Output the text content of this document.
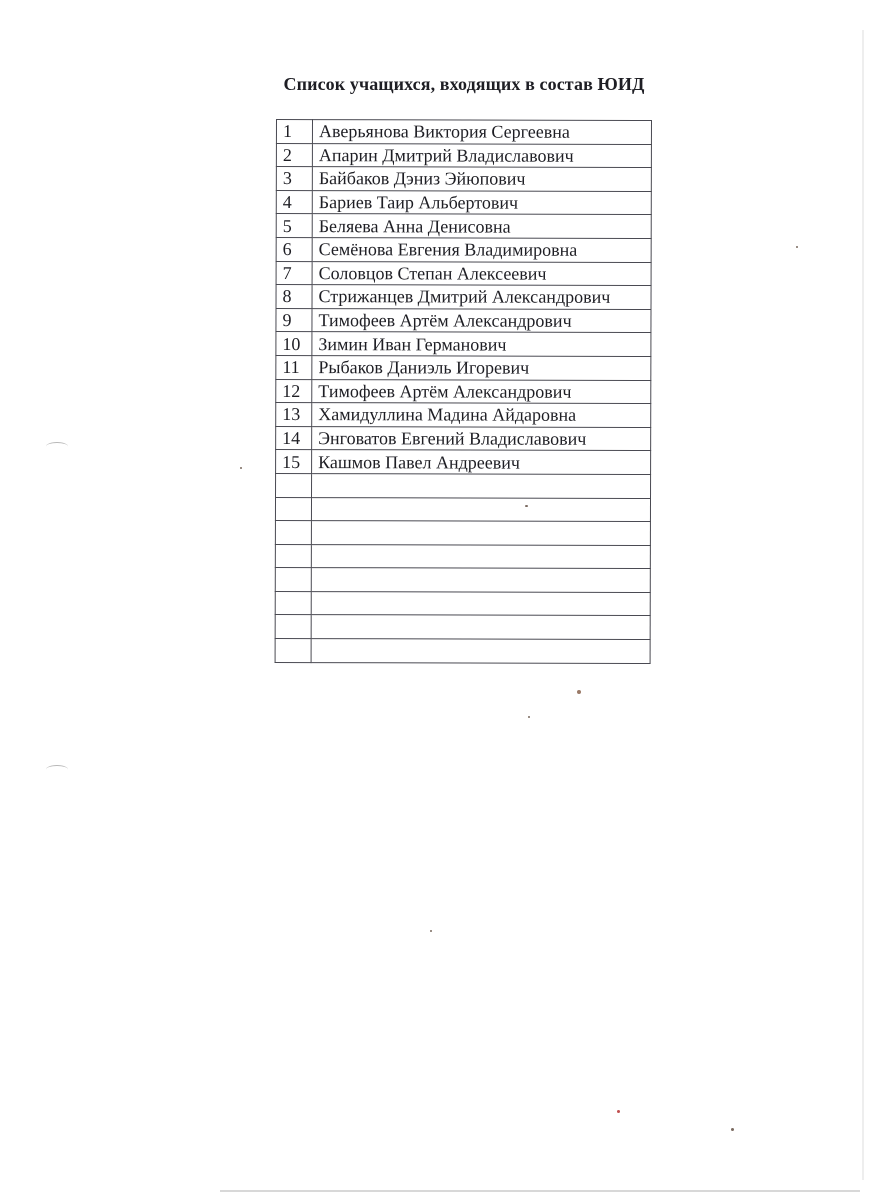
Список учащихся, входящих в состав ЮИД
1	Аверьянова Виктория Сергеевна
2	Апарин Дмитрий Владиславович
3	Байбаков Дэниз Эйюпович
4	Бариев Таир Альбертович
5	Беляева Анна Денисовна
6	Семёнова Евгения Владимировна
7	Соловцов Степан Алексеевич
8	Стрижанцев Дмитрий Александрович
9	Тимофеев Артём Александрович
10	Зимин Иван Германович
11	Рыбаков Даниэль Игоревич
12	Тимофеев Артём Александрович
13	Хамидуллина Мадина Айдаровна
14	Энговатов Евгений Владиславович
15	Кашмов Павел Андреевич
